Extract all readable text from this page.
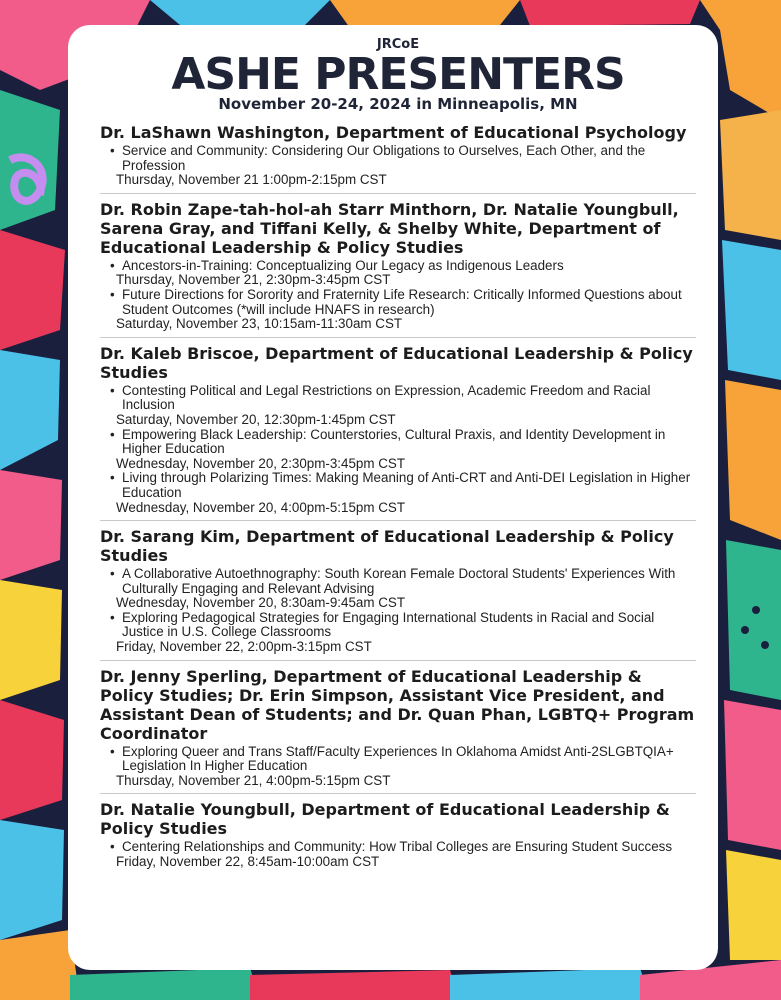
JRCoE
ASHE PRESENTERS
November 20-24, 2024 in Minneapolis, MN
Dr. LaShawn Washington, Department of Educational Psychology
• Service and Community: Considering Our Obligations to Ourselves, Each Other, and the Profession
Thursday, November 21 1:00pm-2:15pm CST
Dr. Robin Zape-tah-hol-ah Starr Minthorn, Dr. Natalie Youngbull, Sarena Gray, and Tiffani Kelly, & Shelby White, Department of Educational Leadership & Policy Studies
• Ancestors-in-Training: Conceptualizing Our Legacy as Indigenous Leaders
Thursday, November 21, 2:30pm-3:45pm CST
• Future Directions for Sorority and Fraternity Life Research: Critically Informed Questions about Student Outcomes (*will include HNAFS in research)
Saturday, November 23, 10:15am-11:30am CST
Dr. Kaleb Briscoe, Department of Educational Leadership & Policy Studies
• Contesting Political and Legal Restrictions on Expression, Academic Freedom and Racial Inclusion
Saturday, November 20, 12:30pm-1:45pm CST
• Empowering Black Leadership: Counterstories, Cultural Praxis, and Identity Development in Higher Education
Wednesday, November 20, 2:30pm-3:45pm CST
• Living through Polarizing Times: Making Meaning of Anti-CRT and Anti-DEI Legislation in Higher Education
Wednesday, November 20, 4:00pm-5:15pm CST
Dr. Sarang Kim, Department of Educational Leadership & Policy Studies
• A Collaborative Autoethnography: South Korean Female Doctoral Students' Experiences With Culturally Engaging and Relevant Advising
Wednesday, November 20, 8:30am-9:45am CST
• Exploring Pedagogical Strategies for Engaging International Students in Racial and Social Justice in U.S. College Classrooms
Friday, November 22, 2:00pm-3:15pm CST
Dr. Jenny Sperling, Department of Educational Leadership & Policy Studies; Dr. Erin Simpson, Assistant Vice President, and Assistant Dean of Students; and Dr. Quan Phan, LGBTQ+ Program Coordinator
• Exploring Queer and Trans Staff/Faculty Experiences In Oklahoma Amidst Anti-2SLGBTQIA+ Legislation In Higher Education
Thursday, November 21, 4:00pm-5:15pm CST
Dr. Natalie Youngbull, Department of Educational Leadership & Policy Studies
• Centering Relationships and Community: How Tribal Colleges are Ensuring Student Success
Friday, November 22, 8:45am-10:00am CST
